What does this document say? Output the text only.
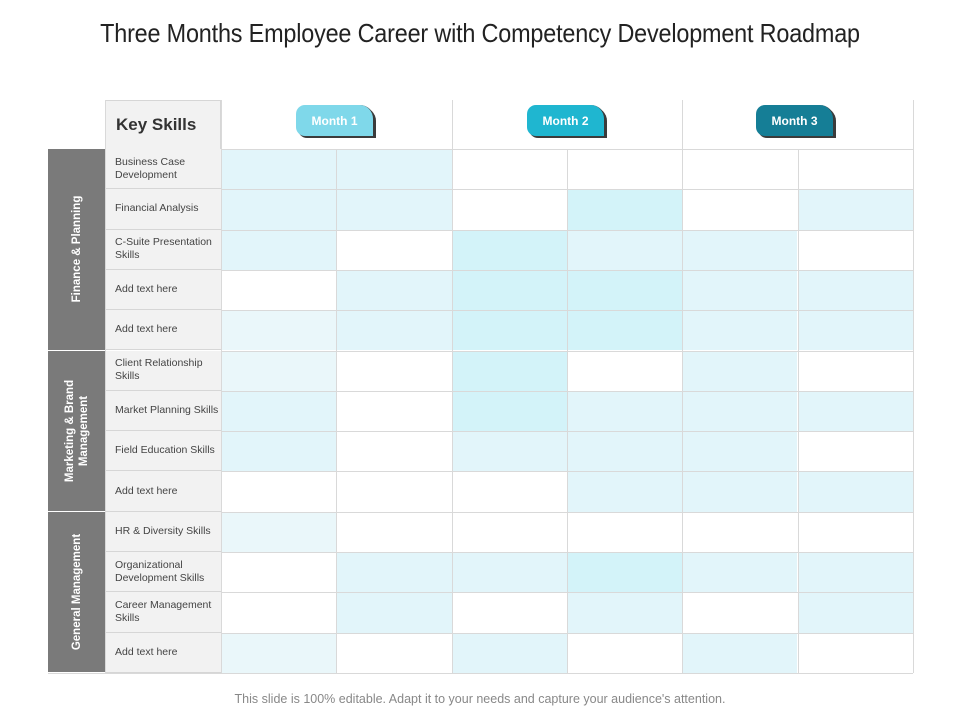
Three Months Employee Career with Competency Development Roadmap
Key Skills
Business Case Development
Financial Analysis
C-Suite Presentation Skills
Add text here
Add text here
Client Relationship Skills
Market Planning Skills
Field Education Skills
Add text here
HR & Diversity Skills
Organizational Development Skills
Career Management Skills
Add text here
Finance & Planning
Marketing & Brand Management
General Management
Month 1	Month 2	Month 3
This slide is 100% editable. Adapt it to your needs and capture your audience's attention.
